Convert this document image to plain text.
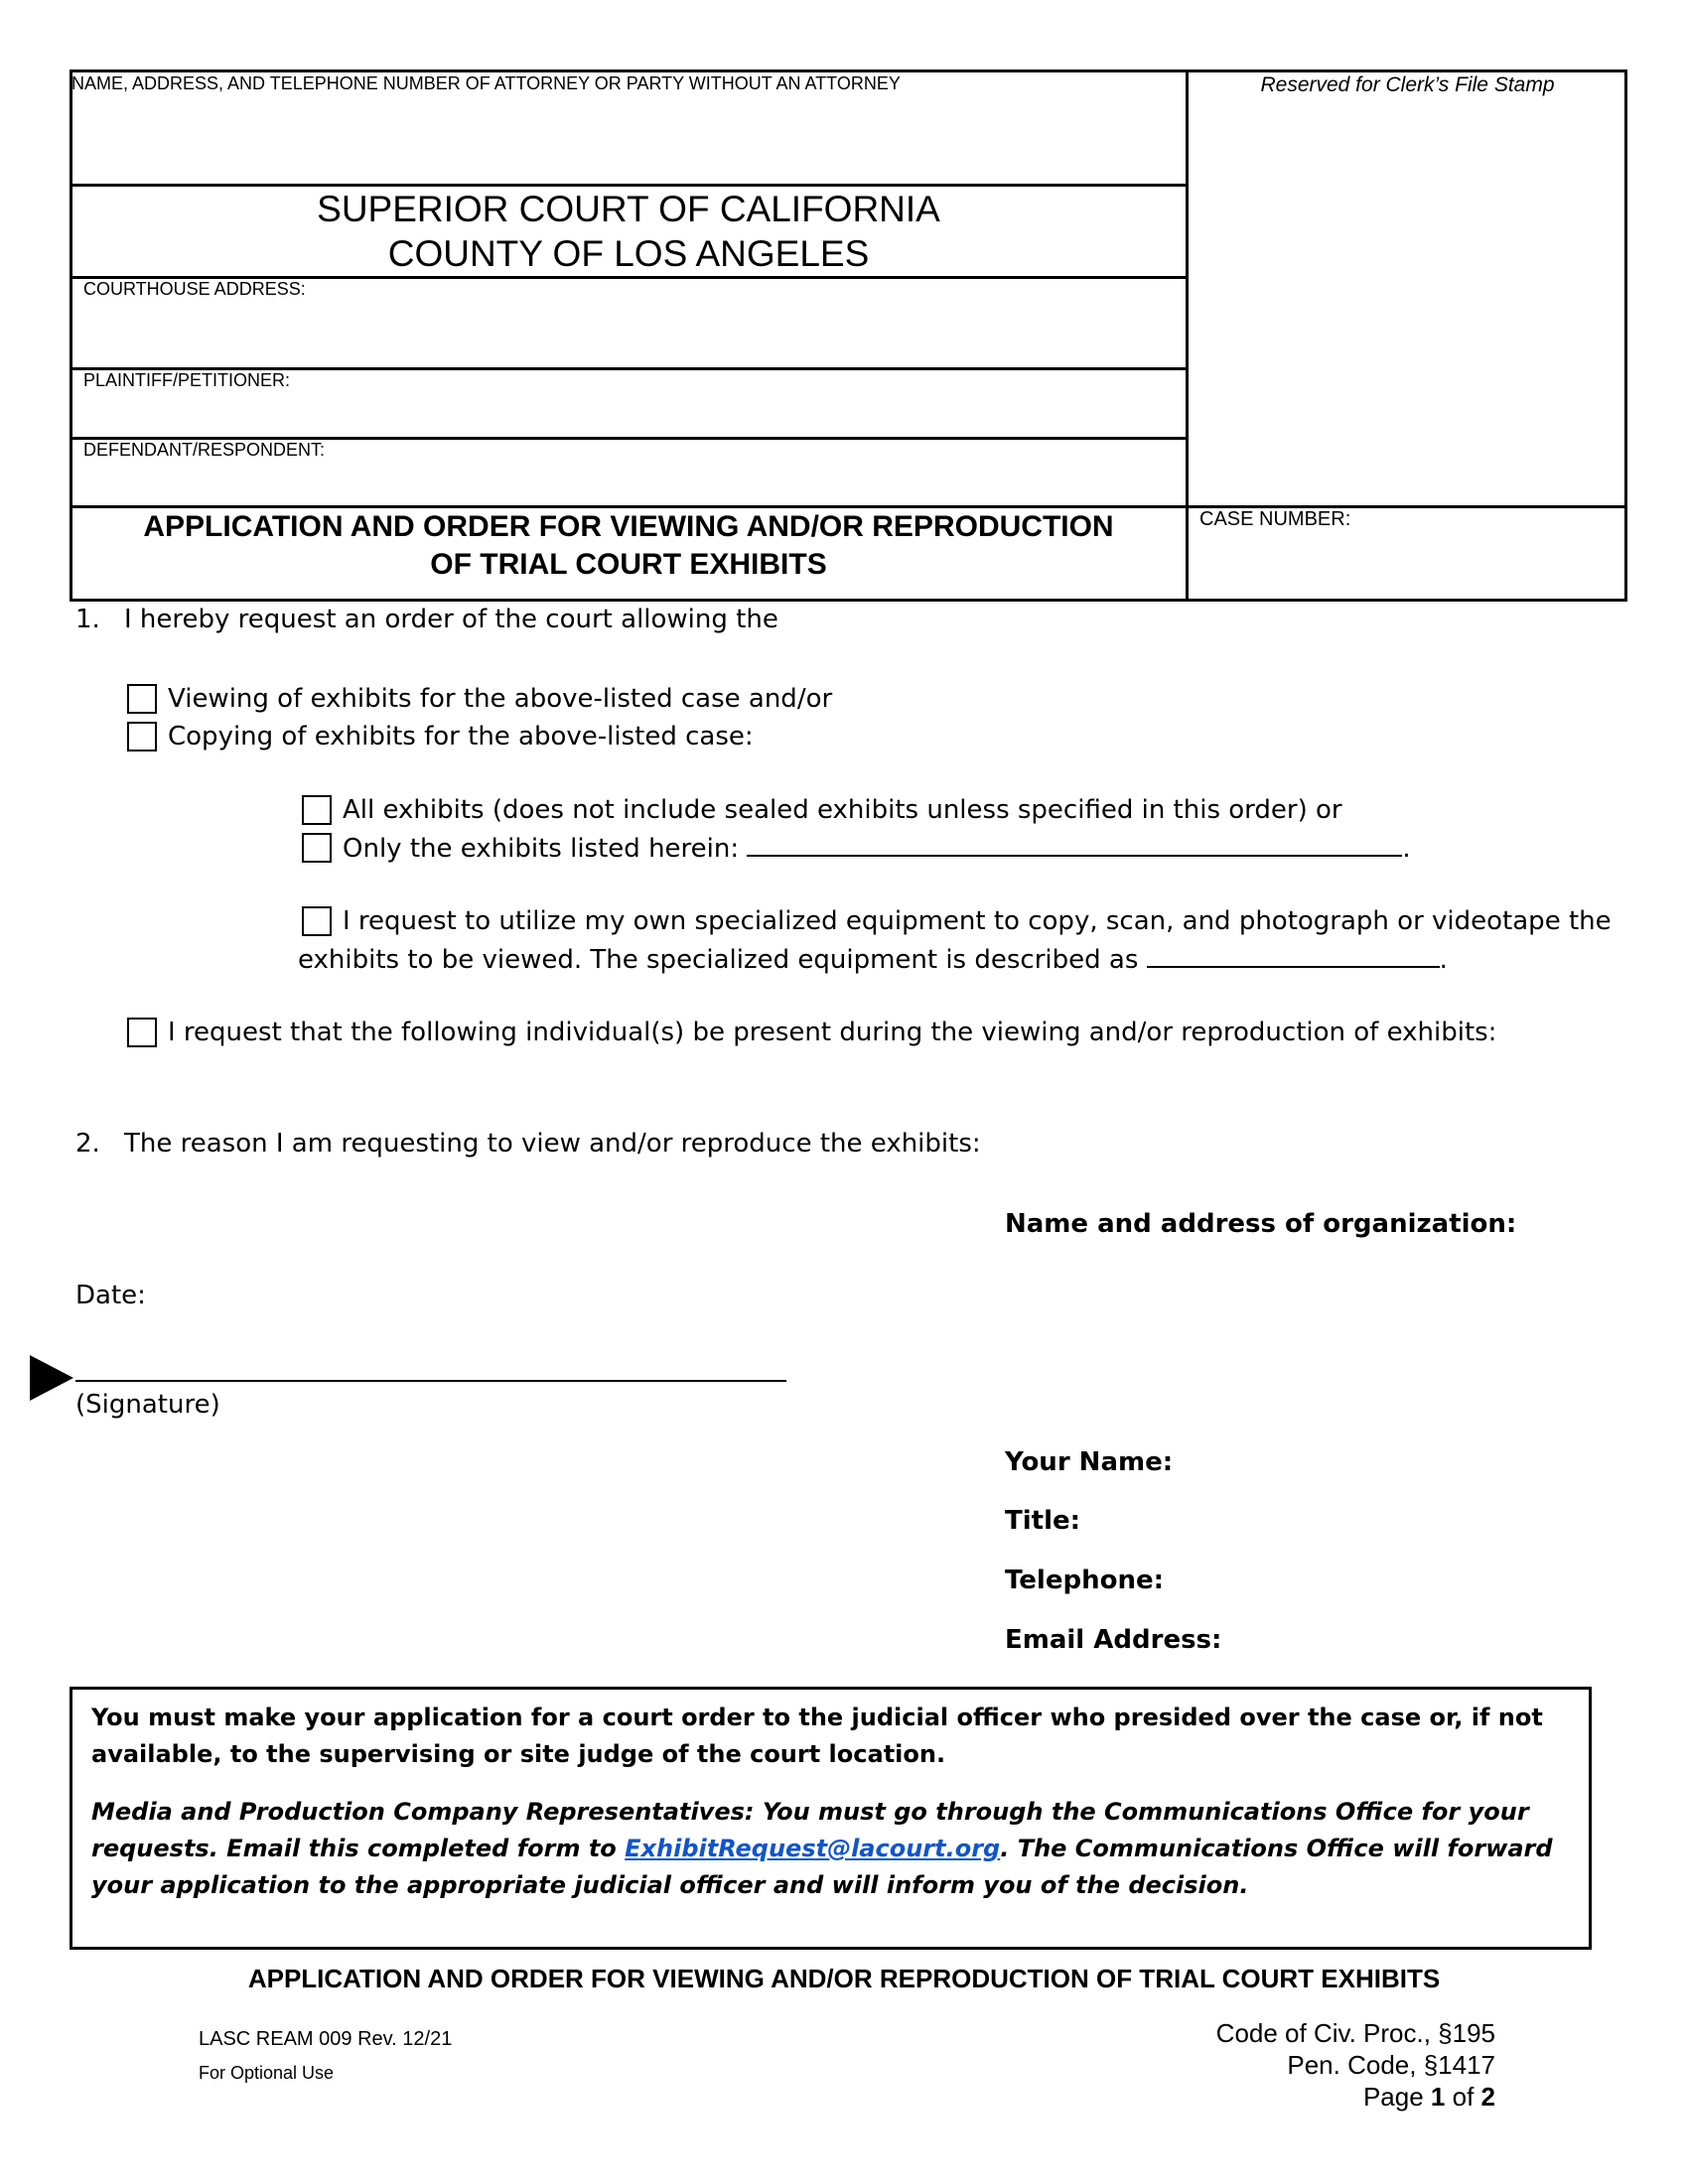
NAME, ADDRESS, AND TELEPHONE NUMBER OF ATTORNEY OR PARTY WITHOUT AN ATTORNEY	Reserved for Clerk’s File Stamp
SUPERIOR COURT OF CALIFORNIA
COUNTY OF LOS ANGELES
COURTHOUSE ADDRESS:
PLAINTIFF/PETITIONER:
DEFENDANT/RESPONDENT:
APPLICATION AND ORDER FOR VIEWING AND/OR REPRODUCTION
OF TRIAL COURT EXHIBITS
CASE NUMBER:
1. I hereby request an order of the court allowing the
Viewing of exhibits for the above-listed case and/or
Copying of exhibits for the above-listed case:
All exhibits (does not include sealed exhibits unless specified in this order) or
Only the exhibits listed herein:	.
I request to utilize my own specialized equipment to copy, scan, and photograph or videotape the
exhibits to be viewed. The specialized equipment is described as	.
I request that the following individual(s) be present during the viewing and/or reproduction of exhibits:
2. The reason I am requesting to view and/or reproduce the exhibits:
Name and address of organization:
Date:
(Signature)
Your Name:
Title:
Telephone:
Email Address:
You must make your application for a court order to the judicial officer who presided over the case or, if not available, to the supervising or site judge of the court location.
Media and Production Company Representatives: You must go through the Communications Office for your requests. Email this completed form to ExhibitRequest@lacourt.org. The Communications Office will forward your application to the appropriate judicial officer and will inform you of the decision.
APPLICATION AND ORDER FOR VIEWING AND/OR REPRODUCTION OF TRIAL COURT EXHIBITS
LASC REAM 009 Rev. 12/21
For Optional Use
Code of Civ. Proc., §195
Pen. Code, §1417
Page 1 of 2
